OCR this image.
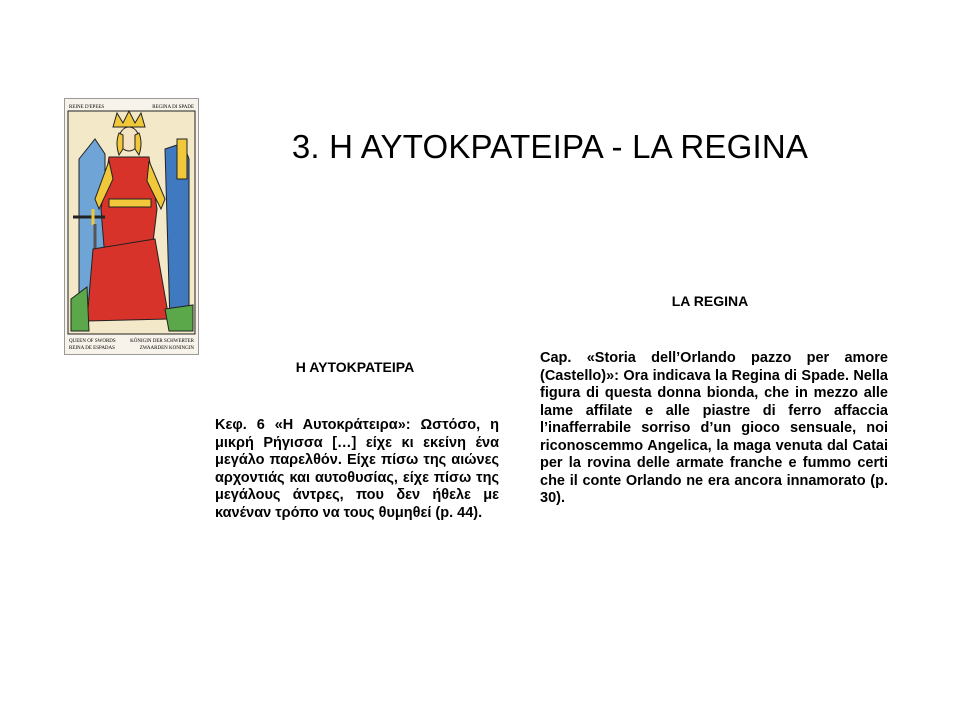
REINE D'EPEES	REGINA DI SPADE
QUEEN OF SWORDS
REINA DE ESPADAS
KÖNIGIN DER SCHWERTER
ZWAARDEN KONINGIN
3. Η ΑΥΤΟΚΡΑΤΕΙΡΑ - LA REGINA
Η ΑΥΤΟΚΡΑΤΕΙΡΑ

Κεφ. 6 «Η Αυτοκράτειρα»: Ωστόσο, η μικρή Ρήγισσα […] είχε κι εκείνη ένα μεγάλο παρελθόν. Είχε πίσω της αιώνες αρχοντιάς και αυτοθυσίας, είχε πίσω της μεγάλους άντρες, που δεν ήθελε με κανέναν τρόπο να τους θυμηθεί (p. 44).

LA REGINA

Cap. «Storia dell’Orlando pazzo per amore (Castello)»: Ora indicava la Regina di Spade. Nella figura di questa donna bionda, che in mezzo alle lame affilate e alle piastre di ferro affaccia l’inafferrabile sorriso d’un gioco sensuale, noi riconoscemmo Angelica, la maga venuta dal Catai per la rovina delle armate franche e fummo certi che il conte Orlando ne era ancora innamorato (p. 30).
